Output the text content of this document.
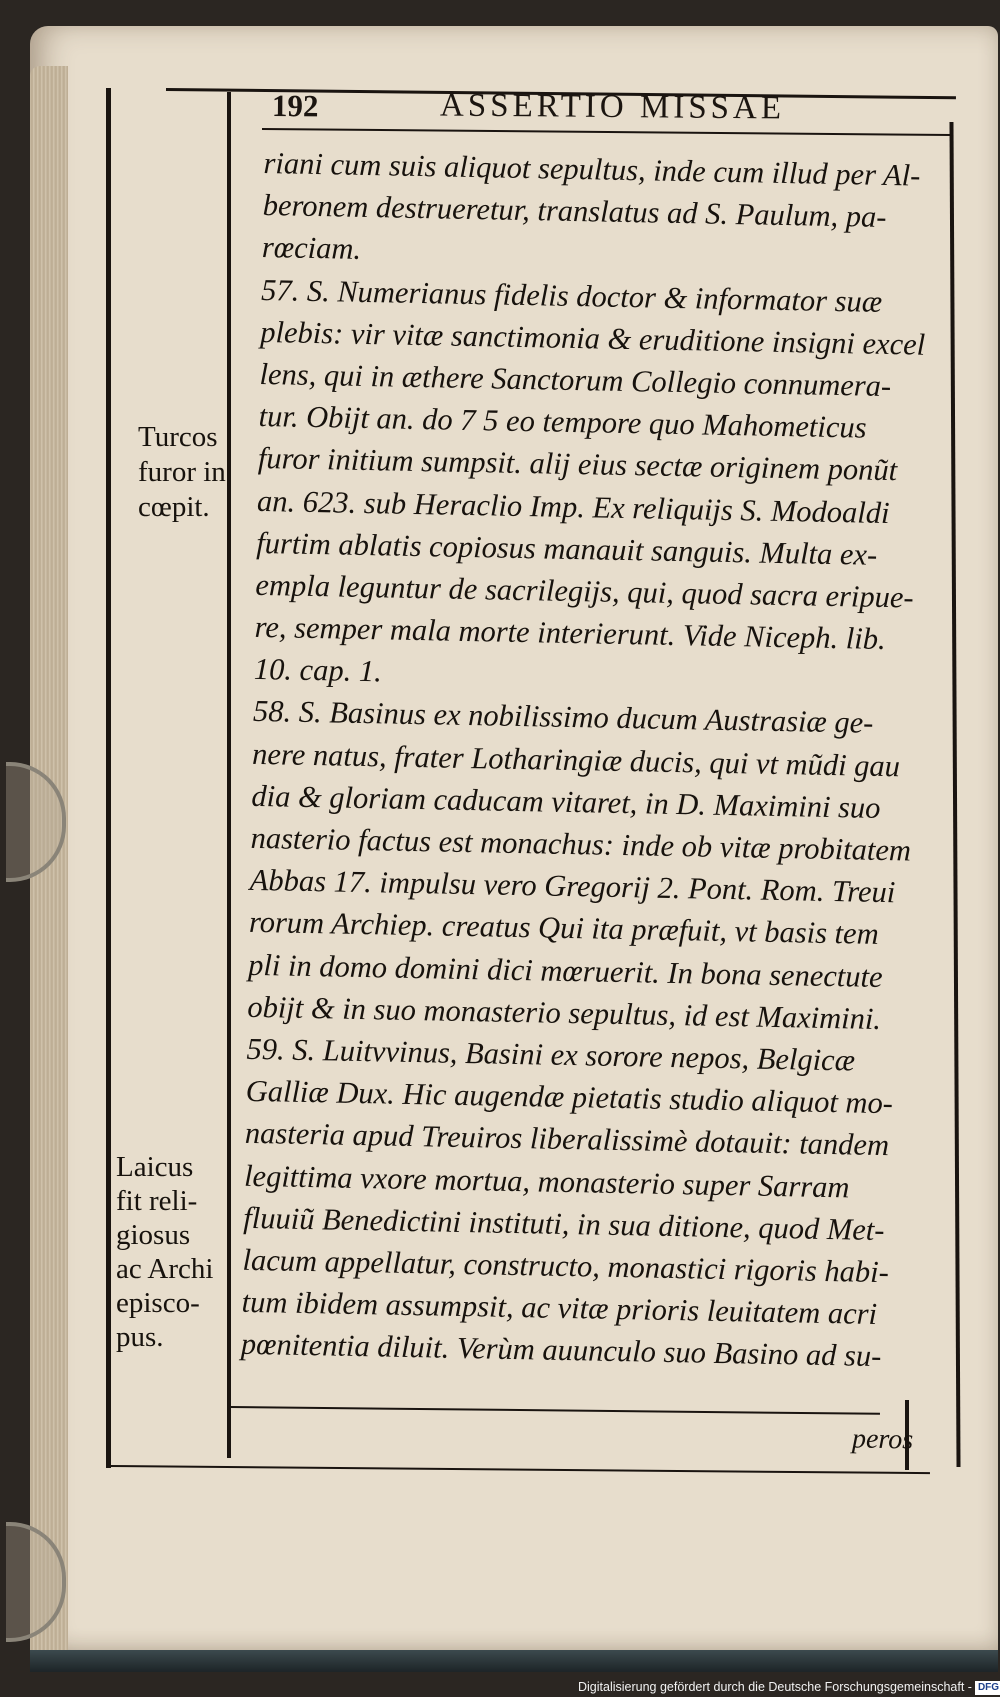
192	ASSERTIO MISSAE
riani cum suis aliquot sepultus, inde cum illud per Al-
beronem destrueretur, translatus ad S. Paulum, pa-
rœciam.
57. S. Numerianus fidelis doctor & informator suæ
plebis: vir vitæ sanctimonia & eruditione insigni excel
lens, qui in æthere Sanctorum Collegio connumera-
tur. Obijt an. do 7 5 eo tempore quo Mahometicus
furor initium sumpsit. alij eius sectæ originem ponũt
an. 623. sub Heraclio Imp. Ex reliquijs S. Modoaldi
furtim ablatis copiosus manauit sanguis. Multa ex-
empla leguntur de sacrilegijs, qui, quod sacra eripue-
re, semper mala morte interierunt. Vide Niceph. lib.
10. cap. 1.
58. S. Basinus ex nobilissimo ducum Austrasiæ ge-
nere natus, frater Lotharingiæ ducis, qui vt mũdi gau
dia & gloriam caducam vitaret, in D. Maximini suo
nasterio factus est monachus: inde ob vitæ probitatem
Abbas 17. impulsu vero Gregorij 2. Pont. Rom. Treui
rorum Archiep. creatus Qui ita præfuit, vt basis tem
pli in domo domini dici mœruerit. In bona senectute
obijt & in suo monasterio sepultus, id est Maximini.
59. S. Luitvvinus, Basini ex sorore nepos, Belgicæ
Galliæ Dux. Hic augendæ pietatis studio aliquot mo-
nasteria apud Treuiros liberalissimè dotauit: tandem
legittima vxore mortua, monasterio super Sarram
fluuiũ Benedictini instituti, in sua ditione, quod Met-
lacum appellatur, constructo, monastici rigoris habi-
tum ibidem assumpsit, ac vitæ prioris leuitatem acri
pœnitentia diluit. Verùm auunculo suo Basino ad su-
Turcos
furor in
cœpit.
Laicus
fit reli-
giosus
ac Archi
episco-
pus.
peros
Digitalisierung gefördert durch die Deutsche Forschungsgemeinschaft - DFG
